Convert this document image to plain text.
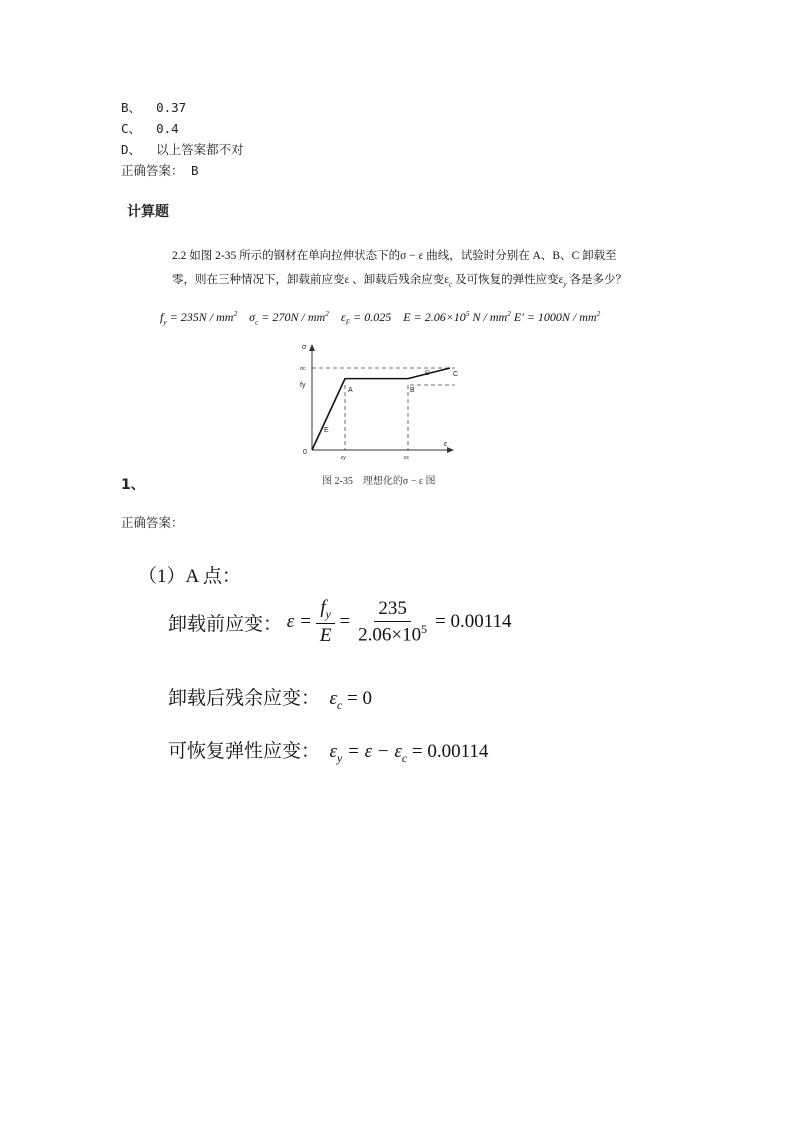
B、 0.37
C、 0.4
D、 以上答案都不对
正确答案： B
计算题
2.2 如图 2-35 所示的钢材在单向拉伸状态下的σ − ε 曲线，试验时分别在 A、B、C 卸载至
零，则在三种情况下，卸载前应变ε 、卸载后残余应变$\varepsilon_c$ 及可恢复的弹性应变$\varepsilon_y$ 各是多少？
$f_y = 235N / mm^2$ $\sigma_c = 270N / mm^2$ $\varepsilon_F = 0.025$ $E = 2.06\times 10^5$ N / $mm^2$ $E' = 1000N / mm^2$
σ
ε
0
σc
fy
A	B
C
E
E'
εy	εs
图 2-35　理想化的σ − ε 图
1、
正确答案：
（1）A 点：
卸载前应变： $\varepsilon = \frac{f_y}{E} = \frac{235}{2.06\times 10^5} = 0.00114$
卸载后残余应变：  $\varepsilon_c = 0$
可恢复弹性应变：  $\varepsilon_y = \varepsilon - \varepsilon_c = 0.00114$
